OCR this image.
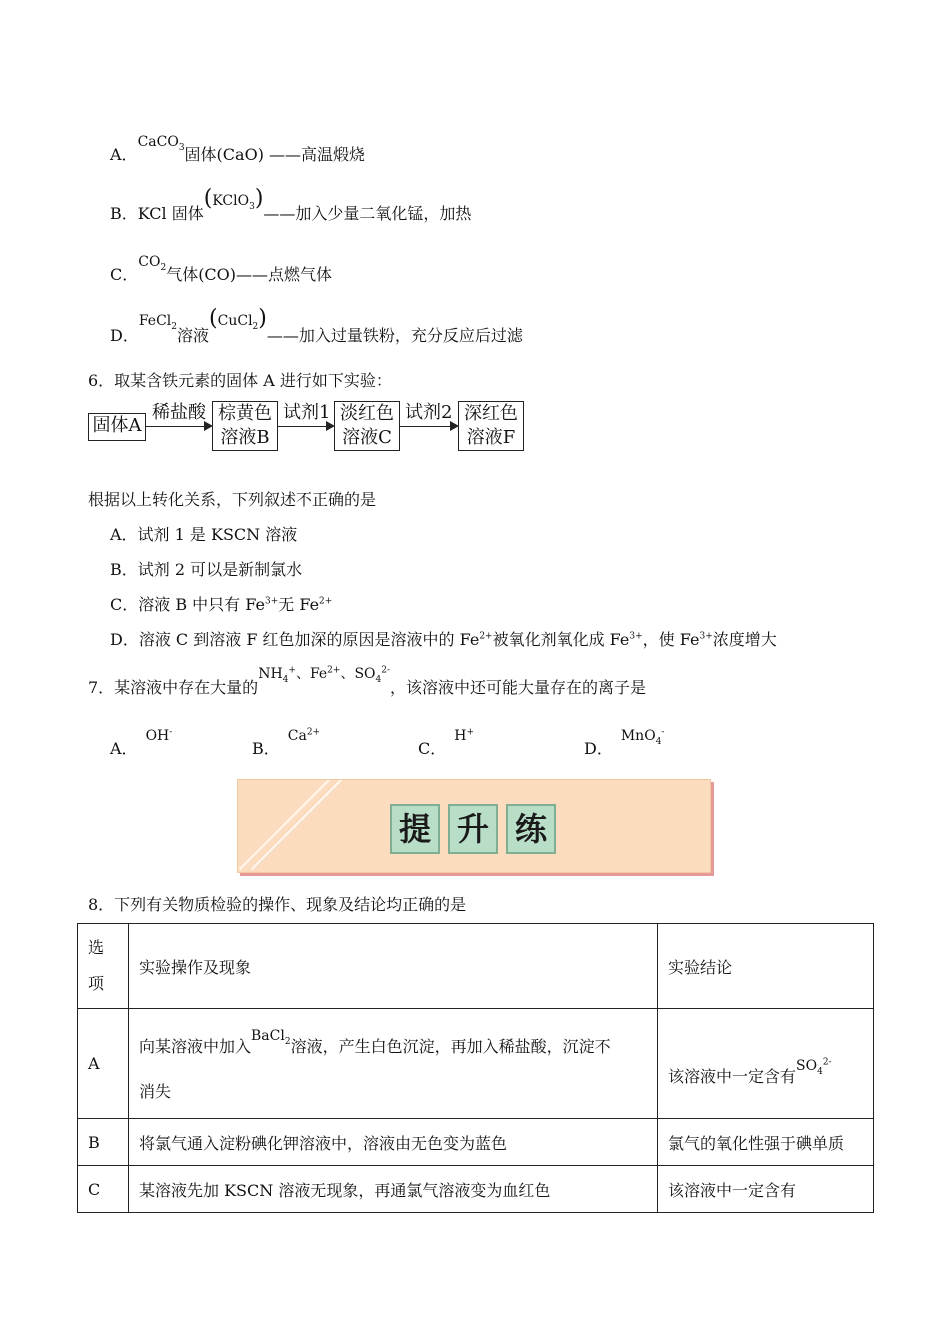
A．CaCO$_3$固体(CaO) ——高温煅烧
B．KCl 固体(KClO$_3$)——加入少量二氧化锰，加热
C．$CO_2$气体(CO)——点燃气体
D．FeCl$_2$溶液(CuCl$_2$)——加入过量铁粉，充分反应后过滤
6．取某含铁元素的固体 A 进行如下实验：
固体A
稀盐酸 棕黄色
溶液B
试剂1 淡红色
溶液C
试剂2 深红色
溶液F
根据以上转化关系，下列叙述不正确的是
A．试剂 1 是 KSCN 溶液
B．试剂 2 可以是新制氯水
C．溶液 B 中只有 $Fe^{3+}$无 $Fe^{2+}$
D．溶液 C 到溶液 F 红色加深的原因是溶液中的 $Fe^{2+}$被氧化剂氧化成 $Fe^{3+}$，使 $Fe^{3+}$浓度增大
7．某溶液中存在大量的$NH_4^+$、$Fe^{2+}$、$SO_4^{2-}$，该溶液中还可能大量存在的离子是
A．OH-
B．$Ca^{2+}$
C．H+
D．MnO$_4$-
提 升 练
8．下列有关物质检验的操作、现象及结论均正确的是
选
项	实验操作及现象	实验结论
A	向某溶液中加入BaCl$_2$溶液，产生白色沉淀，再加入稀盐酸，沉淀不
消失	该溶液中一定含有$SO_4^{2-}$
B	将氯气通入淀粉碘化钾溶液中，溶液由无色变为蓝色	氯气的氧化性强于碘单质
C	某溶液先加 KSCN 溶液无现象，再通氯气溶液变为血红色	该溶液中一定含有
